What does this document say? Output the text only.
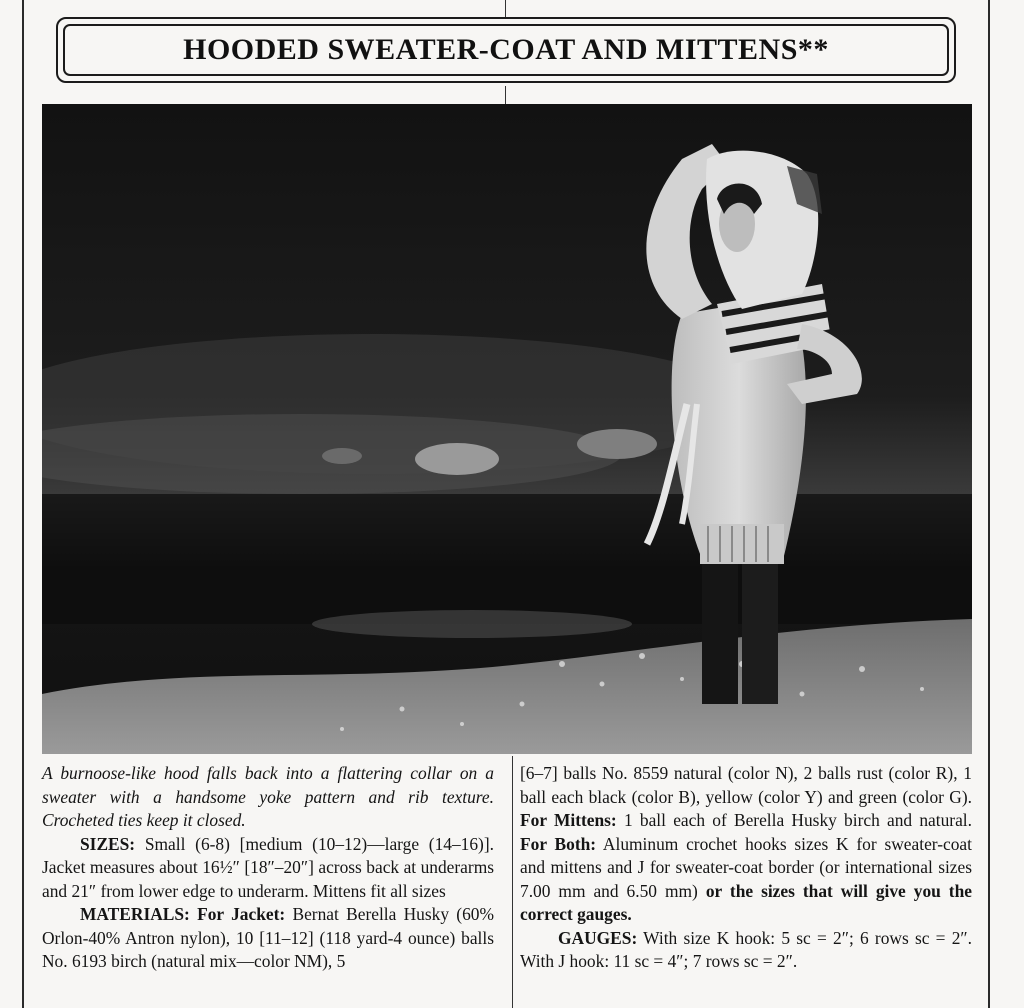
HOODED SWEATER-COAT AND MITTENS**

A burnoose-like hood falls back into a flattering collar on a sweater with a handsome yoke pattern and rib texture. Crocheted ties keep it closed.

SIZES: Small (6-8) [medium (10–12)—large (14–16)]. Jacket measures about 16½″ [18″–20″] across back at underarms and 21″ from lower edge to underarm. Mittens fit all sizes

MATERIALS: For Jacket: Bernat Berella Husky (60% Orlon-40% Antron nylon), 10 [11–12] (118 yard-4 ounce) balls No. 6193 birch (natural mix—color NM), 5

[6–7] balls No. 8559 natural (color N), 2 balls rust (color R), 1 ball each black (color B), yellow (color Y) and green (color G). For Mittens: 1 ball each of Berella Husky birch and natural. For Both: Aluminum crochet hooks sizes K for sweater-coat and mittens and J for sweater-coat border (or international sizes 7.00 mm and 6.50 mm) or the sizes that will give you the correct gauges.

GAUGES: With size K hook: 5 sc = 2″; 6 rows sc = 2″. With J hook: 11 sc = 4″; 7 rows sc = 2″.
